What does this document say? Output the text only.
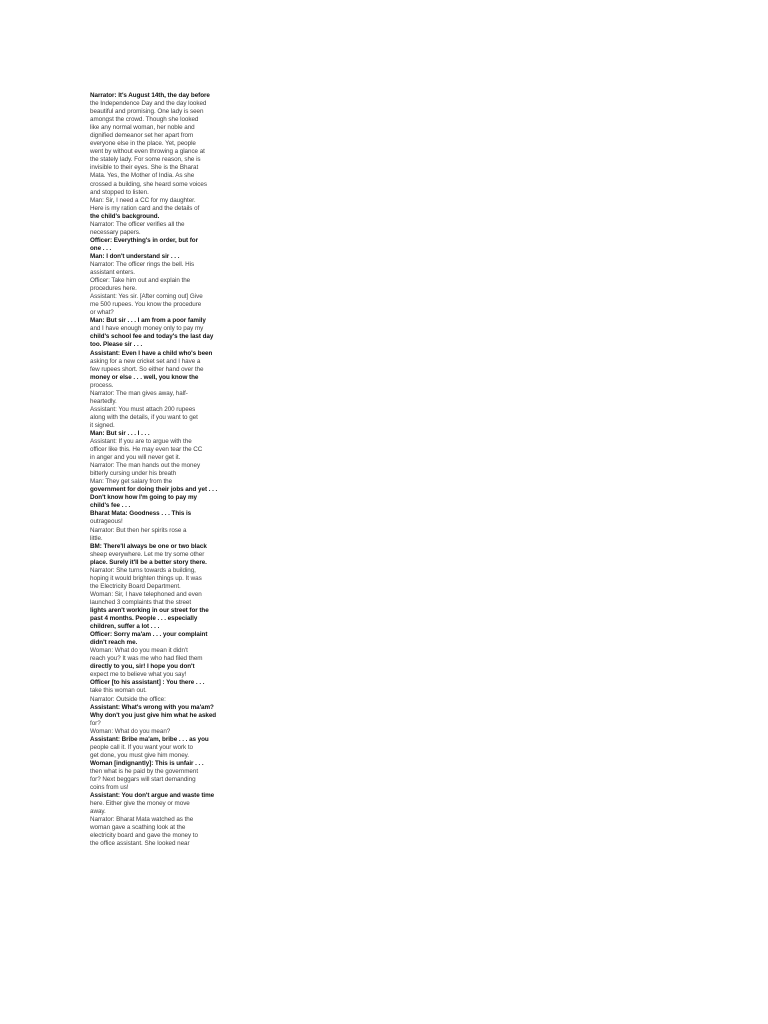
Narrator: It's August 14th, the day before
the Independence Day and the day looked
beautiful and promising. One lady is seen
amongst the crowd. Though she looked
like any normal woman, her noble and
dignified demeanor set her apart from
everyone else in the place. Yet, people
went by without even throwing a glance at
the stately lady. For some reason, she is
invisible to their eyes. She is the Bharat
Mata. Yes, the Mother of India. As she
crossed a building, she heard some voices
and stopped to listen.
Man: Sir, I need a CC for my daughter.
Here is my ration card and the details of
the child's background.
Narrator: The officer verifies all the
necessary papers.
Officer: Everything's in order, but for
one . . .
Man: I don't understand sir . . .
Narrator: The officer rings the bell. His
assistant enters.
Officer: Take him out and explain the
procedures here.
Assistant: Yes sir. [After coming out] Give
me 500 rupees. You know the procedure
or what?
Man: But sir . . . I am from a poor family
and I have enough money only to pay my
child's school fee and today's the last day
too. Please sir . . .
Assistant: Even I have a child who's been
asking for a new cricket set and I have a
few rupees short. So either hand over the
money or else . . . well, you know the
process.
Narrator: The man gives away, half-
heartedly.
Assistant: You must attach 200 rupees
along with the details, if you want to get
it signed.
Man: But sir . . . I . . .
Assistant: If you are to argue with the
officer like this. He may even tear the CC
in anger and you will never get it.
Narrator: The man hands out the money
bitterly cursing under his breath
Man: They get salary from the
government for doing their jobs and yet . . .
Don't know how I'm going to pay my
child's fee . . .
Bharat Mata: Goodness . . . This is
outrageous!
Narrator: But then her spirits rose a
little.
BM: There'll always be one or two black
sheep everywhere. Let me try some other
place. Surely it'll be a better story there.
Narrator: She turns towards a building,
hoping it would brighten things up. It was
the Electricity Board Department.
Woman: Sir, I have telephoned and even
launched 3 complaints that the street
lights aren't working in our street for the
past 4 months. People . . . especially
children, suffer a lot . . .
Officer: Sorry ma'am . . . your complaint
didn't reach me.
Woman: What do you mean it didn't
reach you? It was me who had filed them
directly to you, sir! I hope you don't
expect me to believe what you say!
Officer [to his assistant] : You there . . .
take this woman out.
Narrator: Outside the office:
Assistant: What's wrong with you ma'am?
Why don't you just give him what he asked
for?
Woman: What do you mean?
Assistant: Bribe ma'am, bribe . . . as you
people call it. If you want your work to
get done, you must give him money.
Woman [indignantly]: This is unfair . . .
then what is he paid by the government
for? Next beggars will start demanding
coins from us!
Assistant: You don't argue and waste time
here. Either give the money or move
away.
Narrator: Bharat Mata watched as the
woman gave a scathing look at the
electricity board and gave the money to
the office assistant. She looked near
